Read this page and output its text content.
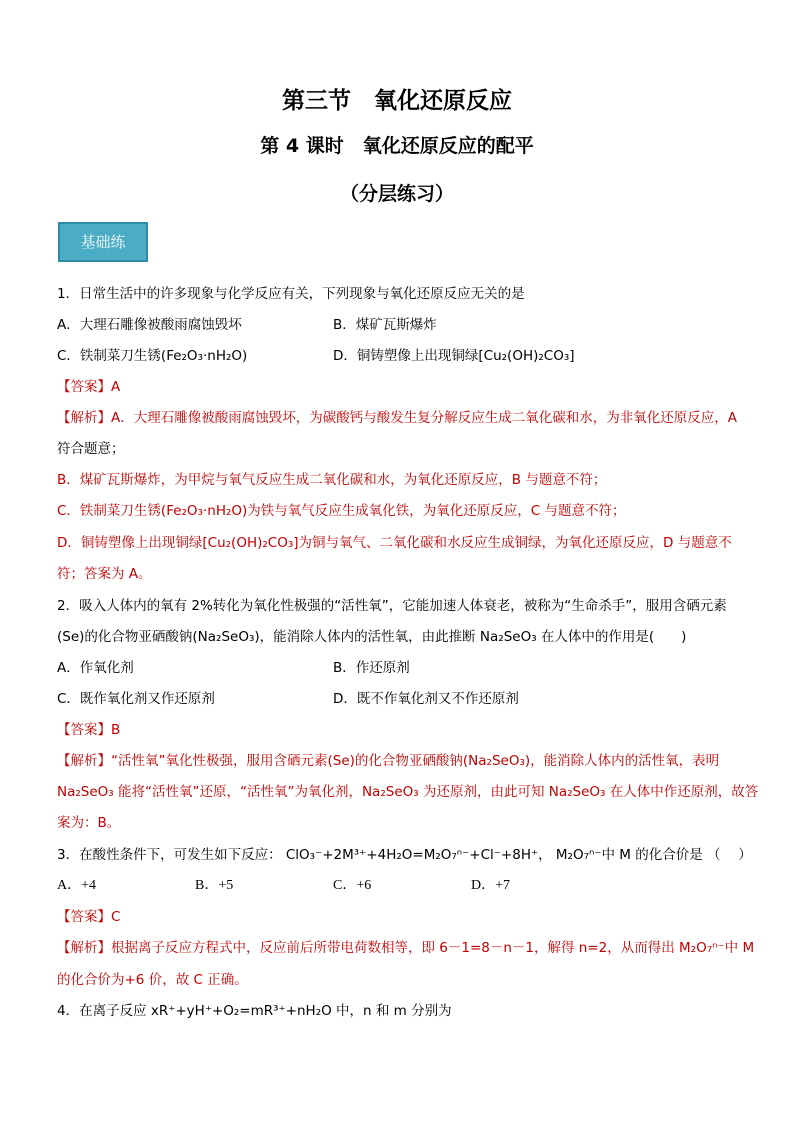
第三节　氧化还原反应
第 4 课时　氧化还原反应的配平
（分层练习）
基础练
1．日常生活中的许多现象与化学反应有关，下列现象与氧化还原反应无关的是
A．大理石雕像被酸雨腐蚀毁坏	B．煤矿瓦斯爆炸
C．铁制菜刀生锈(Fe₂O₃·nH₂O)	D．铜铸塑像上出现铜绿[Cu₂(OH)₂CO₃]
【答案】A
【解析】A．大理石雕像被酸雨腐蚀毁坏，为碳酸钙与酸发生复分解反应生成二氧化碳和水，为非氧化还原反应，A
符合题意；
B．煤矿瓦斯爆炸，为甲烷与氧气反应生成二氧化碳和水，为氧化还原反应，B 与题意不符；
C．铁制菜刀生锈(Fe₂O₃·nH₂O)为铁与氧气反应生成氧化铁，为氧化还原反应，C 与题意不符；
D．铜铸塑像上出现铜绿[Cu₂(OH)₂CO₃]为铜与氧气、二氧化碳和水反应生成铜绿，为氧化还原反应，D 与题意不
符；答案为 A。
2．吸入人体内的氧有 2%转化为氧化性极强的“活性氧”，它能加速人体衰老，被称为“生命杀手”，服用含硒元素
(Se)的化合物亚硒酸钠(Na₂SeO₃)，能消除人体内的活性氧，由此推断 Na₂SeO₃ 在人体中的作用是(　　)
A．作氧化剂	B．作还原剂
C．既作氧化剂又作还原剂	D．既不作氧化剂又不作还原剂
【答案】B
【解析】“活性氧”氧化性极强，服用含硒元素(Se)的化合物亚硒酸钠(Na₂SeO₃)，能消除人体内的活性氧，表明
Na₂SeO₃ 能将“活性氧”还原，“活性氧”为氧化剂，Na₂SeO₃ 为还原剂，由此可知 Na₂SeO₃ 在人体中作还原剂，故答
案为：B。
3．在酸性条件下，可发生如下反应： ClO₃⁻+2M³⁺+4H₂O=M₂O₇ⁿ⁻+Cl⁻+8H⁺， M₂O₇ⁿ⁻中 M 的化合价是 （　 ）
A．+4	B．+5	C．+6	D．+7
【答案】C
【解析】根据离子反应方程式中，反应前后所带电荷数相等，即 6－1=8－n－1，解得 n=2，从而得出 M₂O₇ⁿ⁻中 M
的化合价为+6 价，故 C 正确。
4．在离子反应 xR⁺+yH⁺+O₂=mR³⁺+nH₂O 中，n 和 m 分别为
